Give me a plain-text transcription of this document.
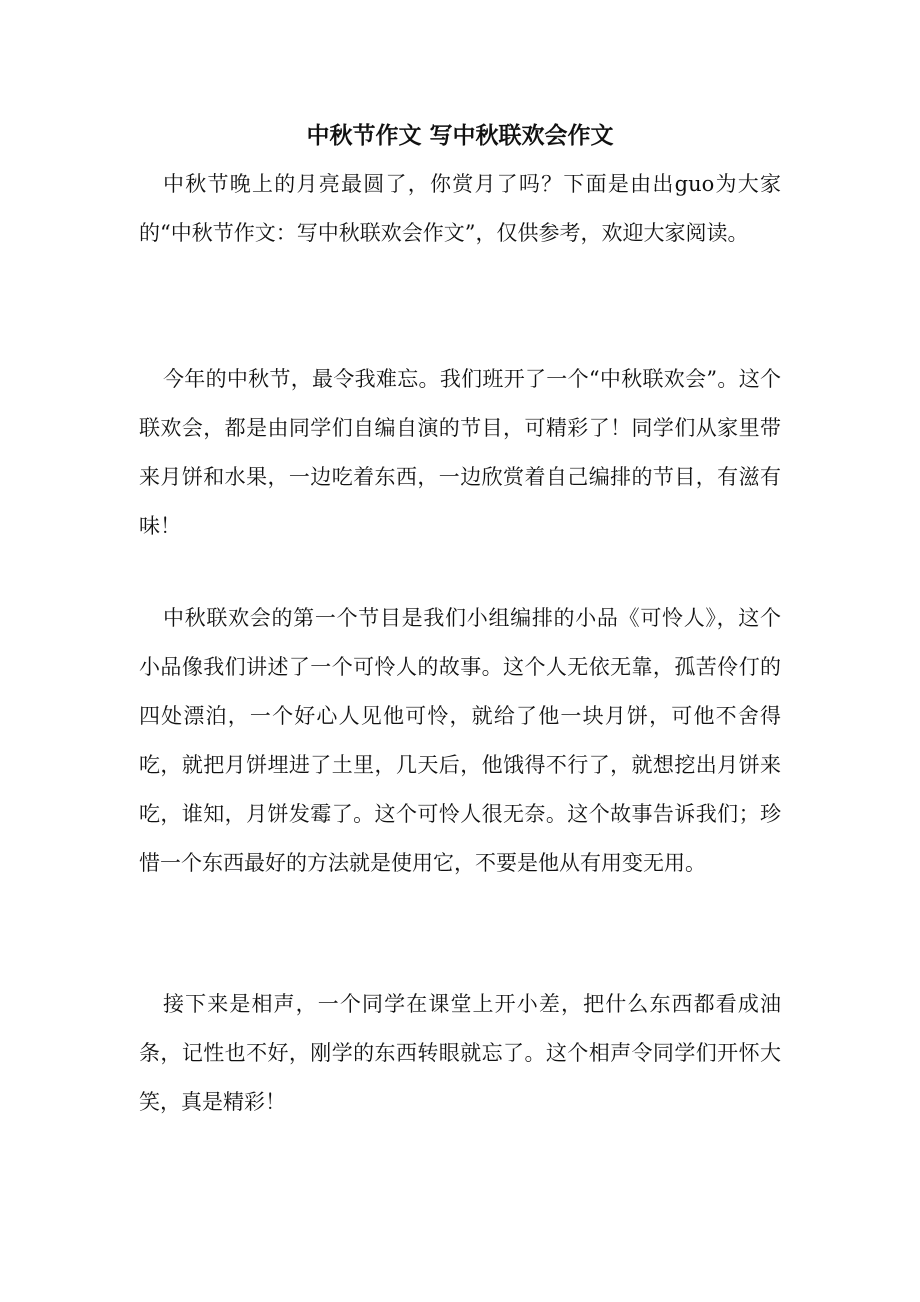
中秋节作文 写中秋联欢会作文

中秋节晚上的月亮最圆了，你赏月了吗？下面是由出guo为大家的“中秋节作文：写中秋联欢会作文”，仅供参考，欢迎大家阅读。

今年的中秋节，最令我难忘。我们班开了一个“中秋联欢会”。这个联欢会，都是由同学们自编自演的节目，可精彩了！同学们从家里带来月饼和水果，一边吃着东西，一边欣赏着自己编排的节目，有滋有味！

中秋联欢会的第一个节目是我们小组编排的小品《可怜人》，这个小品像我们讲述了一个可怜人的故事。这个人无依无靠，孤苦伶仃的四处漂泊，一个好心人见他可怜，就给了他一块月饼，可他不舍得吃，就把月饼埋进了土里，几天后，他饿得不行了，就想挖出月饼来吃，谁知，月饼发霉了。这个可怜人很无奈。这个故事告诉我们；珍惜一个东西最好的方法就是使用它，不要是他从有用变无用。

接下来是相声，一个同学在课堂上开小差，把什么东西都看成油条，记性也不好，刚学的东西转眼就忘了。这个相声令同学们开怀大笑，真是精彩！
